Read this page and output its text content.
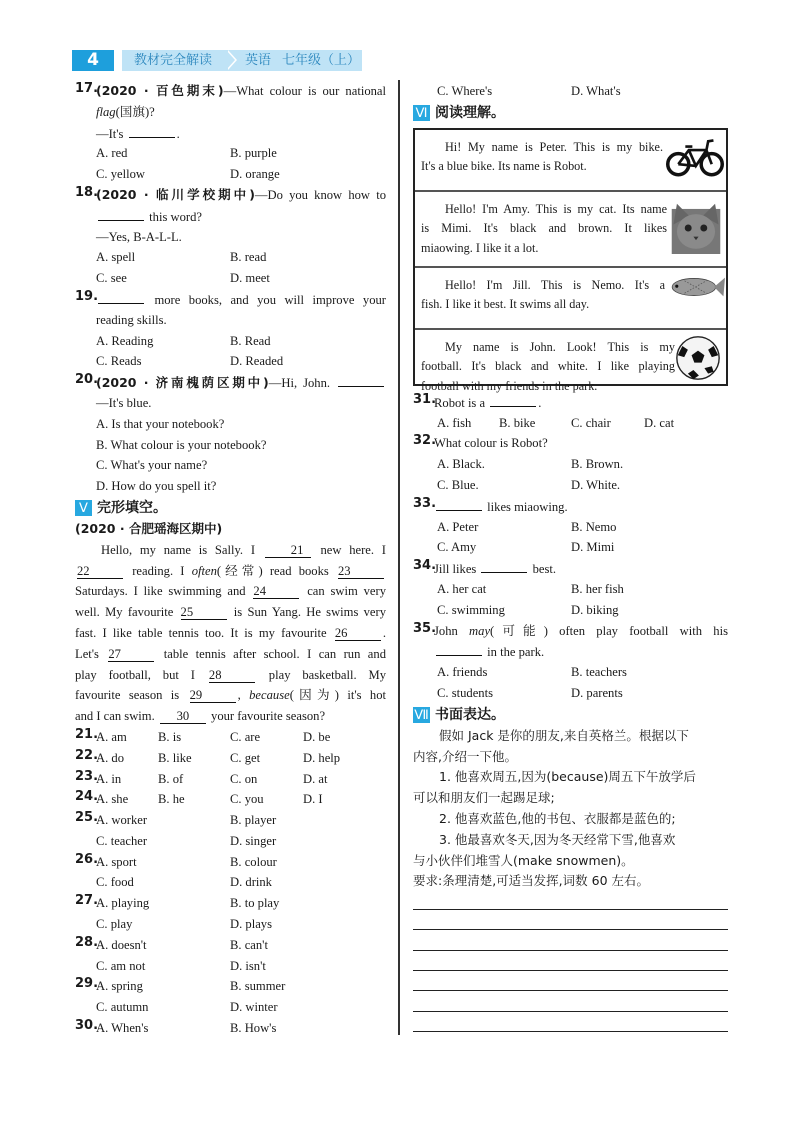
4	教材完全解读	英语 七年级（上）
17.
(2020 · 百色期末)—What colour is our national
flag(国旗)?
—It's	.
A. red	B. purple
C. yellow	D. orange
18.
(2020 · 临川学校期中)—Do you know how to
this word?
—Yes, B-A-L-L.
A. spell	B. read
C. see	D. meet
19.	more books, and you will improve your
reading skills.
A. Reading	B. Read
C. Reads	D. Readed
20.
(2020 · 济南槐荫区期中)—Hi, John.
—It's blue.
A. Is that your notebook?
B. What colour is your notebook?
C. What's your name?
D. How do you spell it?
Ⅴ 完形填空。
(2020 · 合肥瑶海区期中)
Hello, my name is Sally. I 21 new here. I
22	reading. I often(经常) read books 23
Saturdays. I like swimming and 24	can swim very
well. My favourite 25	is Sun Yang. He swims very
fast. I like table tennis too. It is my favourite 26	.
Let's 27	table tennis after school. I can run and
play football, but I 28	play basketball. My
favourite season is 29	, because(因为) it's hot
and I can swim. 30 your favourite season?
21.
A. am B. is	C. are	D. be
22.
A. do	B. like	C. get	D. help
23.
A. in	B. of	C. on	D. at
24.
A. she B. he	C. you	D. I
25.
A. worker	B. player
C. teacher	D. singer
26.
A. sport	B. colour
C. food	D. drink
27.
A. playing	B. to play
C. play	D. plays
28.
A. doesn't	B. can't
C. am not	D. isn't
29.
A. spring	B. summer
C. autumn	D. winter
30.
A. When's	B. How's
C. Where's	D. What's
Ⅵ 阅读理解。
Hi! My name is Peter. This is my bike.
It's a blue bike. Its name is Robot.
Hello! I'm Amy. This is my cat. Its name
is Mimi. It's black and brown. It likes
miaowing. I like it a lot.
Hello! I'm Jill. This is Nemo. It's a
fish. I like it best. It swims all day.
My name is John. Look! This is my
football. It's black and white. I like playing
football with my friends in the park.
31.
Robot is a	.
A. fish B. bike	C. chair	D. cat
32.
What colour is Robot?
A. Black.	B. Brown.
C. Blue.	D. White.
33.	likes miaowing.
A. Peter	B. Nemo
C. Amy	D. Mimi
34.
Jill likes	best.
A. her cat	B. her fish
C. swimming	D. biking
35.
John may(可能) often play football with his
in the park.
A. friends	B. teachers
C. students	D. parents
Ⅶ 书面表达。
假如 Jack 是你的朋友,来自英格兰。根据以下
内容,介绍一下他。
1. 他喜欢周五,因为(because)周五下午放学后
可以和朋友们一起踢足球;
2. 他喜欢蓝色,他的书包、衣服都是蓝色的;
3. 他最喜欢冬天,因为冬天经常下雪,他喜欢
与小伙伴们堆雪人(make snowmen)。
要求:条理清楚,可适当发挥,词数 60 左右。
